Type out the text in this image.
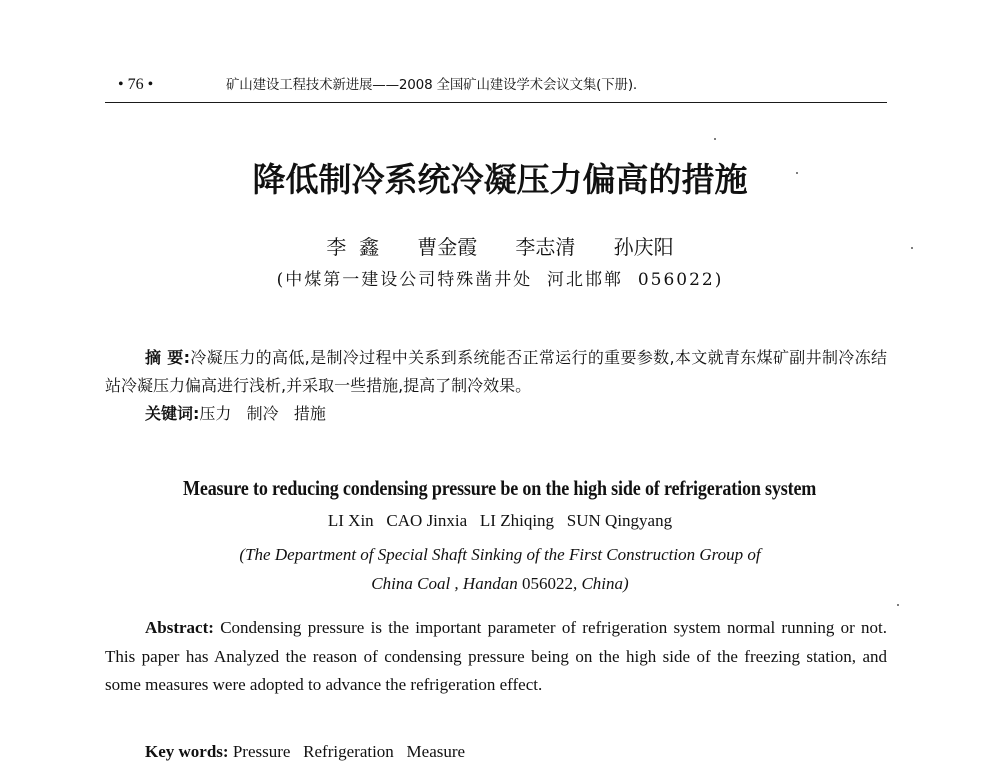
• 76 •	矿山建设工程技术新进展——2008 全国矿山建设学术会议文集(下册).
降低制冷系统冷凝压力偏高的措施
李  鑫      曹金霞      李志清      孙庆阳
(中煤第一建设公司特殊凿井处  河北邯郸  056022)
摘 要:冷凝压力的高低,是制冷过程中关系到系统能否正常运行的重要参数,本文就青东煤矿副井制冷冻结站冷凝压力偏高进行浅析,并采取一些措施,提高了制冷效果。
关键词:压力   制冷   措施
Measure to reducing condensing pressure be on the high side of refrigeration system
LI Xin   CAO Jinxia   LI Zhiqing   SUN Qingyang
(The Department of Special Shaft Sinking of the First Construction Group of
China Coal , Handan 056022, China)
Abstract: Condensing pressure is the important parameter of refrigeration system normal running or not. This paper has Analyzed the reason of condensing pressure being on the high side of the freezing station, and some measures were adopted to advance the refrigeration effect.
Key words: Pressure   Refrigeration   Measure
